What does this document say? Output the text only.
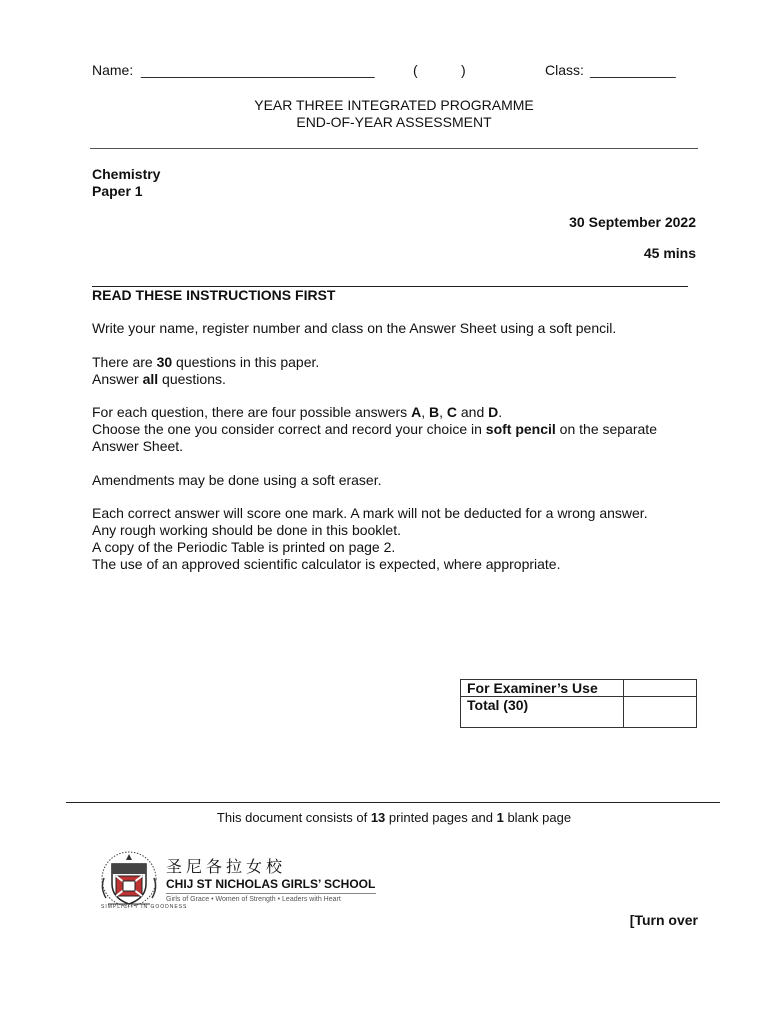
Name: ______________________________	(	)	Class: ___________
YEAR THREE INTEGRATED PROGRAMME
END-OF-YEAR ASSESSMENT
Chemistry
Paper 1
30 September 2022
45 mins
READ THESE INSTRUCTIONS FIRST

Write your name, register number and class on the Answer Sheet using a soft pencil.

There are 30 questions in this paper.

Answer all questions.

For each question, there are four possible answers A, B, C and D.

Choose the one you consider correct and record your choice in soft pencil on the separate Answer Sheet.

Amendments may be done using a soft eraser.

Each correct answer will score one mark. A mark will not be deducted for a wrong answer.

Any rough working should be done in this booklet.

A copy of the Periodic Table is printed on page 2.

The use of an approved scientific calculator is expected, where appropriate.

For Examiner’s Use	
Total (30)	
This document consists of 13 printed pages and 1 blank page
SIMPLICITY IN GOODNESS
圣尼各拉女校
CHIJ ST NICHOLAS GIRLS’ SCHOOL
Girls of Grace • Women of Strength • Leaders with Heart
[Turn over
